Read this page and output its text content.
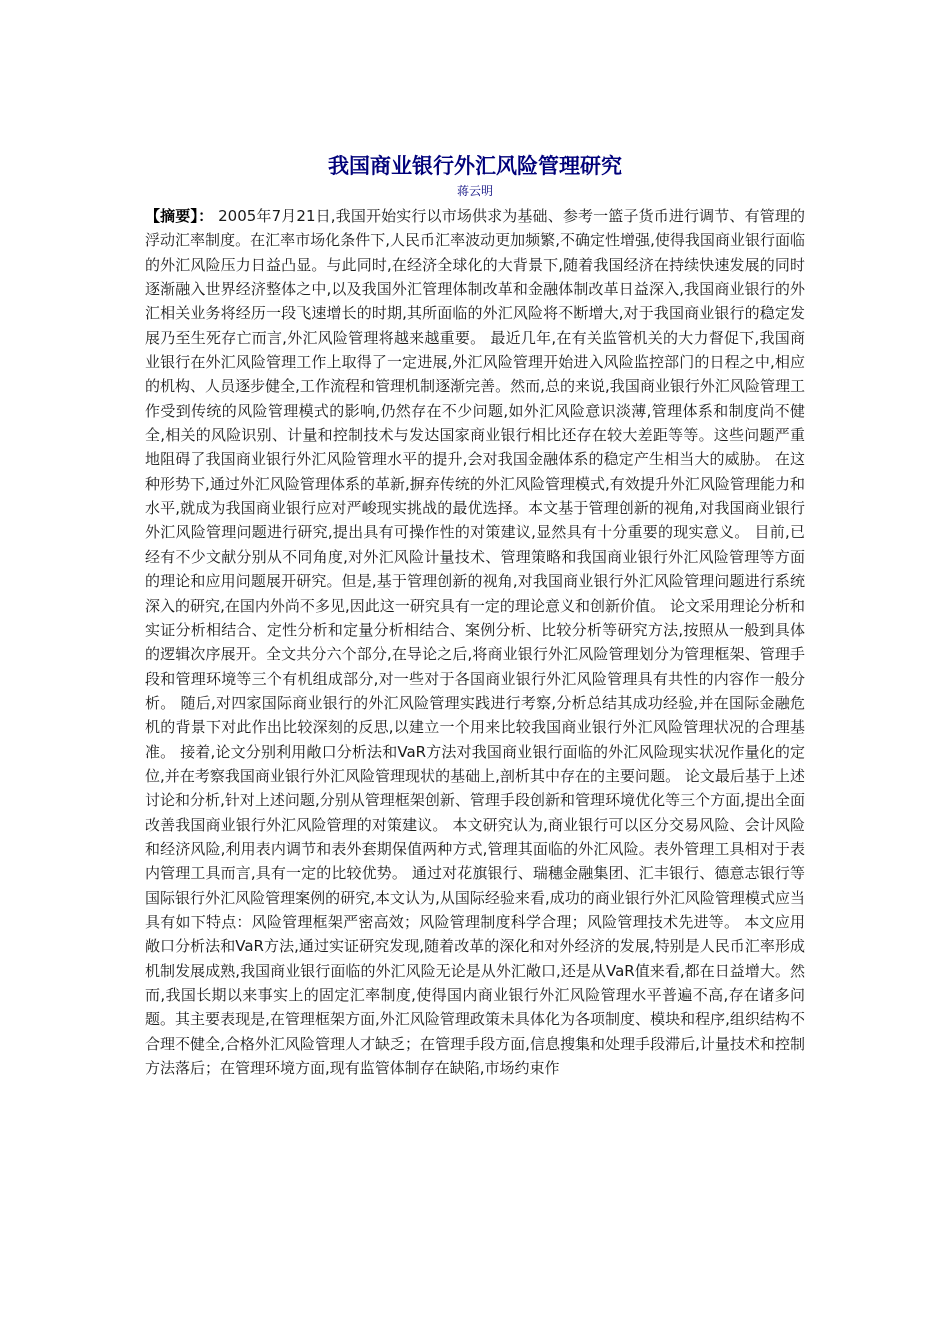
我国商业银行外汇风险管理研究
蒋云明
【摘要】： 2005年7月21日,我国开始实行以市场供求为基础、参考一篮子货币进行调节、有管理的浮动汇率制度。在汇率市场化条件下,人民币汇率波动更加频繁,不确定性增强,使得我国商业银行面临的外汇风险压力日益凸显。与此同时,在经济全球化的大背景下,随着我国经济在持续快速发展的同时逐渐融入世界经济整体之中,以及我国外汇管理体制改革和金融体制改革日益深入,我国商业银行的外汇相关业务将经历一段飞速增长的时期,其所面临的外汇风险将不断增大,对于我国商业银行的稳定发展乃至生死存亡而言,外汇风险管理将越来越重要。 最近几年,在有关监管机关的大力督促下,我国商业银行在外汇风险管理工作上取得了一定进展,外汇风险管理开始进入风险监控部门的日程之中,相应的机构、人员逐步健全,工作流程和管理机制逐渐完善。然而,总的来说,我国商业银行外汇风险管理工作受到传统的风险管理模式的影响,仍然存在不少问题,如外汇风险意识淡薄,管理体系和制度尚不健全,相关的风险识别、计量和控制技术与发达国家商业银行相比还存在较大差距等等。这些问题严重地阻碍了我国商业银行外汇风险管理水平的提升,会对我国金融体系的稳定产生相当大的威胁。 在这种形势下,通过外汇风险管理体系的革新,摒弃传统的外汇风险管理模式,有效提升外汇风险管理能力和水平,就成为我国商业银行应对严峻现实挑战的最优选择。本文基于管理创新的视角,对我国商业银行外汇风险管理问题进行研究,提出具有可操作性的对策建议,显然具有十分重要的现实意义。 目前,已经有不少文献分别从不同角度,对外汇风险计量技术、管理策略和我国商业银行外汇风险管理等方面的理论和应用问题展开研究。但是,基于管理创新的视角,对我国商业银行外汇风险管理问题进行系统深入的研究,在国内外尚不多见,因此这一研究具有一定的理论意义和创新价值。 论文采用理论分析和实证分析相结合、定性分析和定量分析相结合、案例分析、比较分析等研究方法,按照从一般到具体的逻辑次序展开。全文共分六个部分,在导论之后,将商业银行外汇风险管理划分为管理框架、管理手段和管理环境等三个有机组成部分,对一些对于各国商业银行外汇风险管理具有共性的内容作一般分析。 随后,对四家国际商业银行的外汇风险管理实践进行考察,分析总结其成功经验,并在国际金融危机的背景下对此作出比较深刻的反思,以建立一个用来比较我国商业银行外汇风险管理状况的合理基准。 接着,论文分别利用敞口分析法和VaR方法对我国商业银行面临的外汇风险现实状况作量化的定位,并在考察我国商业银行外汇风险管理现状的基础上,剖析其中存在的主要问题。 论文最后基于上述讨论和分析,针对上述问题,分别从管理框架创新、管理手段创新和管理环境优化等三个方面,提出全面改善我国商业银行外汇风险管理的对策建议。 本文研究认为,商业银行可以区分交易风险、会计风险和经济风险,利用表内调节和表外套期保值两种方式,管理其面临的外汇风险。表外管理工具相对于表内管理工具而言,具有一定的比较优势。 通过对花旗银行、瑞穗金融集团、汇丰银行、德意志银行等国际银行外汇风险管理案例的研究,本文认为,从国际经验来看,成功的商业银行外汇风险管理模式应当具有如下特点：风险管理框架严密高效；风险管理制度科学合理；风险管理技术先进等。 本文应用敞口分析法和VaR方法,通过实证研究发现,随着改革的深化和对外经济的发展,特别是人民币汇率形成机制发展成熟,我国商业银行面临的外汇风险无论是从外汇敞口,还是从VaR值来看,都在日益增大。然而,我国长期以来事实上的固定汇率制度,使得国内商业银行外汇风险管理水平普遍不高,存在诸多问题。其主要表现是,在管理框架方面,外汇风险管理政策未具体化为各项制度、模块和程序,组织结构不合理不健全,合格外汇风险管理人才缺乏；在管理手段方面,信息搜集和处理手段滞后,计量技术和控制方法落后；在管理环境方面,现有监管体制存在缺陷,市场约束作
